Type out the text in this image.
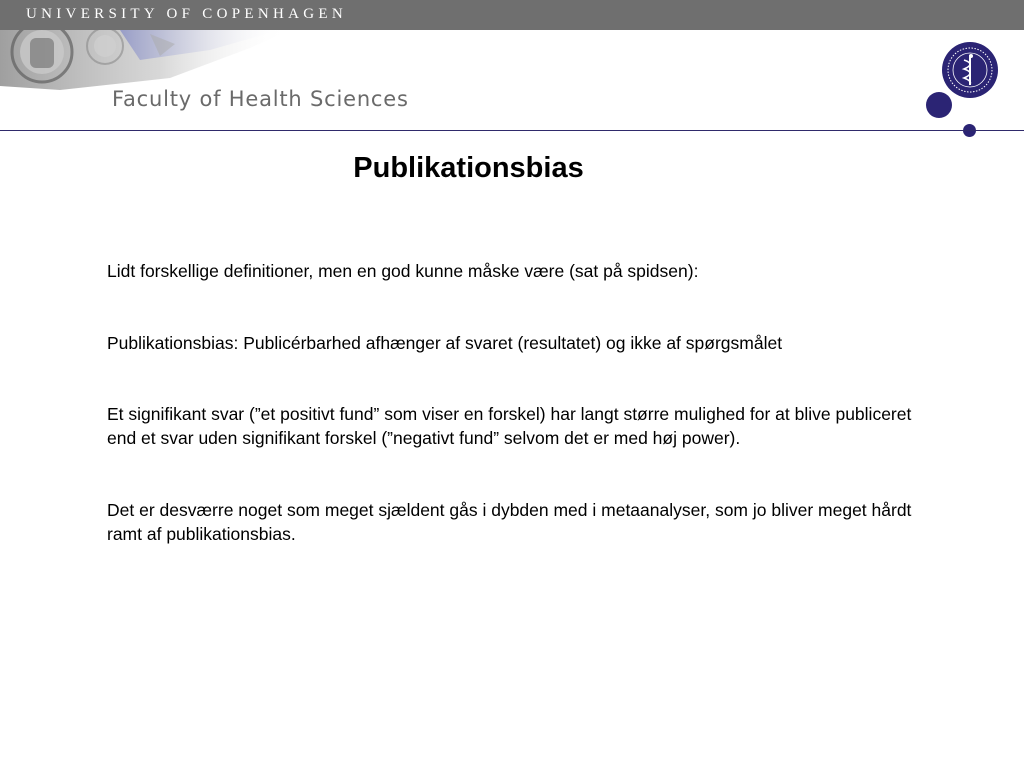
UNIVERSITY OF COPENHAGEN
Faculty of Health Sciences
Publikationsbias
Lidt forskellige definitioner, men en god kunne måske være (sat på spidsen):
Publikationsbias: Publicérbarhed afhænger af svaret (resultatet) og ikke af spørgsmålet
Et signifikant svar (”et positivt fund” som viser en forskel) har langt større mulighed for at blive publiceret end et svar uden signifikant forskel (”negativt fund” selvom det er med høj power).
Det er desværre noget som meget sjældent gås i dybden med i metaanalyser, som jo bliver meget hårdt ramt af publikationsbias.
